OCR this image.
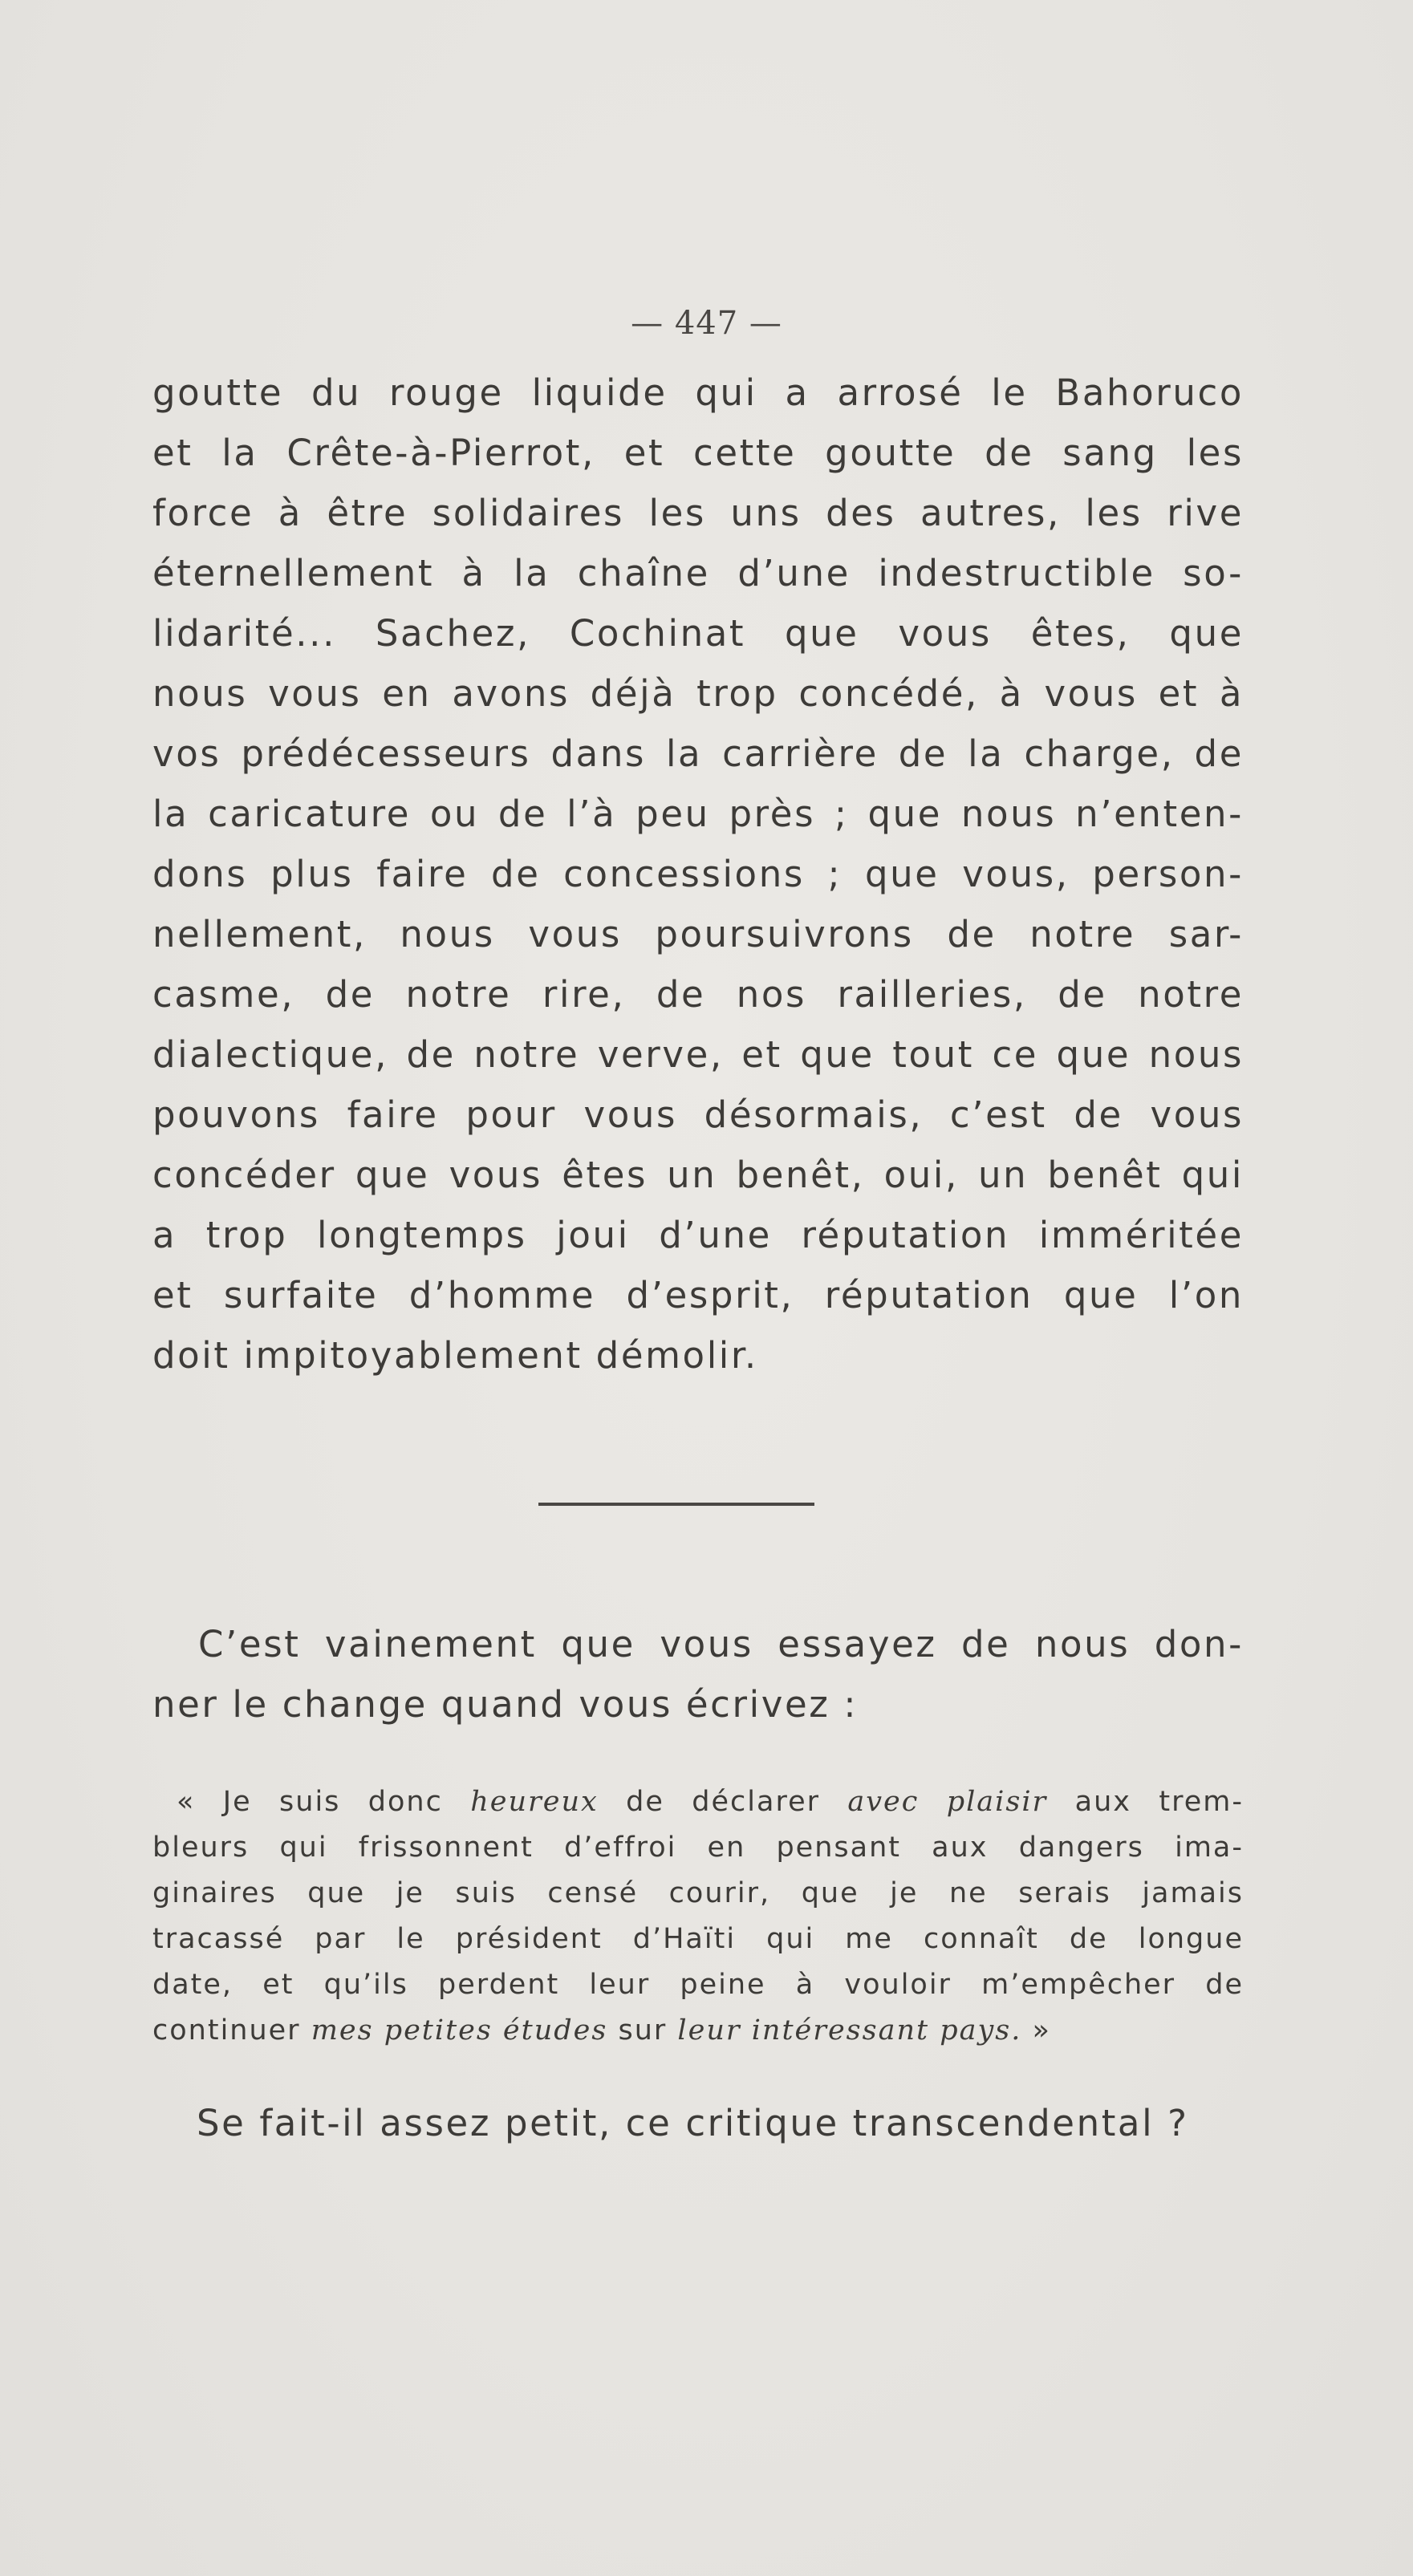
— 447 —
goutte du rouge liquide qui a arrosé le Bahoruco
et la Crête-à-Pierrot, et cette goutte de sang les
force à être solidaires les uns des autres, les rive
éternellement à la chaîne d’une indestructible so-
lidarité... Sachez, Cochinat que vous êtes, que
nous vous en avons déjà trop concédé, à vous et à
vos prédécesseurs dans la carrière de la charge, de
la caricature ou de l’à peu près ; que nous n’enten-
dons plus faire de concessions ; que vous, person-
nellement, nous vous poursuivrons de notre sar-
casme, de notre rire, de nos railleries, de notre
dialectique, de notre verve, et que tout ce que nous
pouvons faire pour vous désormais, c’est de vous
concéder que vous êtes un benêt, oui, un benêt qui
a trop longtemps joui d’une réputation imméritée
et surfaite d’homme d’esprit, réputation que l’on
doit impitoyablement démolir.
C’est vainement que vous essayez de nous don-
ner le change quand vous écrivez :
« Je suis donc heureux de déclarer avec plaisir aux trem-
bleurs qui frissonnent d’effroi en pensant aux dangers ima-
ginaires que je suis censé courir, que je ne serais jamais
tracassé par le président d’Haïti qui me connaît de longue
date, et qu’ils perdent leur peine à vouloir m’empêcher de
continuer mes petites études sur leur intéressant pays. »
Se fait-il assez petit, ce critique transcendental ?
